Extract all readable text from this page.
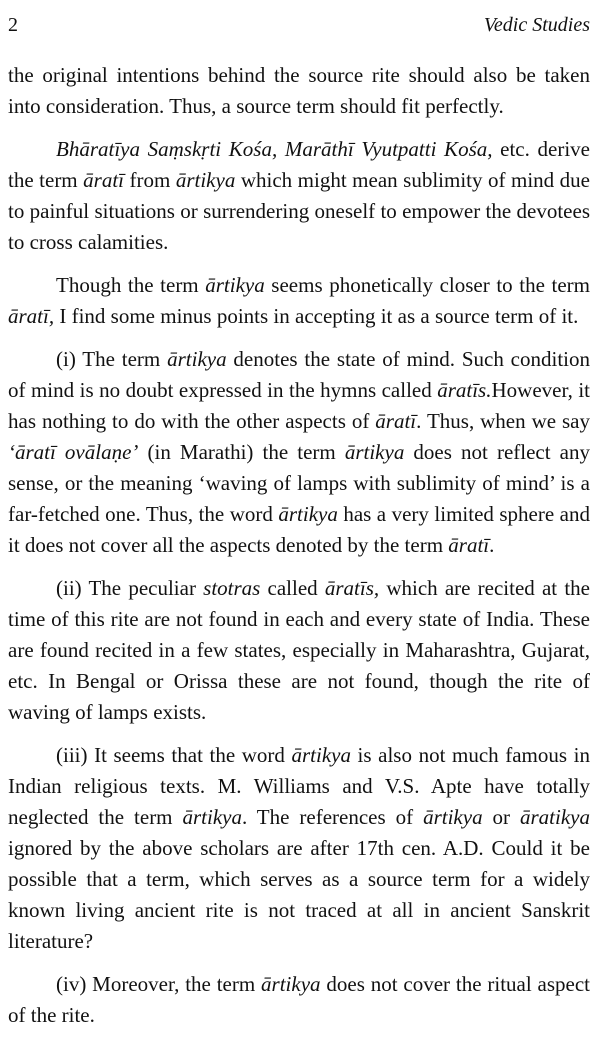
2	Vedic Studies

the original intentions behind the source rite should also be taken into consideration. Thus, a source term should fit perfectly.

Bhāratīya Saṃskṛti Kośa, Marāthī Vyutpatti Kośa, etc. derive the term āratī from ārtikya which might mean sublimity of mind due to painful situations or surrendering oneself to empower the devotees to cross calamities.

Though the term ārtikya seems phonetically closer to the term āratī, I find some minus points in accepting it as a source term of it.

(i) The term ārtikya denotes the state of mind. Such condition of mind is no doubt expressed in the hymns called āratīs.However, it has nothing to do with the other aspects of āratī. Thus, when we say ‘āratī ovālaṇe’ (in Marathi) the term ārtikya does not reflect any sense, or the meaning ‘waving of lamps with sublimity of mind’ is a far-fetched one. Thus, the word ārtikya has a very limited sphere and it does not cover all the aspects denoted by the term āratī.

(ii) The peculiar stotras called āratīs, which are recited at the time of this rite are not found in each and every state of India. These are found recited in a few states, especially in Maharashtra, Gujarat, etc. In Bengal or Orissa these are not found, though the rite of waving of lamps exists.

(iii) It seems that the word ārtikya is also not much famous in Indian religious texts. M. Williams and V.S. Apte have totally neglected the term ārtikya. The references of ārtikya or āratikya ignored by the above scholars are after 17th cen. A.D. Could it be possible that a term, which serves as a source term for a widely known living ancient rite is not traced at all in ancient Sanskrit literature?

(iv) Moreover, the term ārtikya does not cover the ritual aspect of the rite.
